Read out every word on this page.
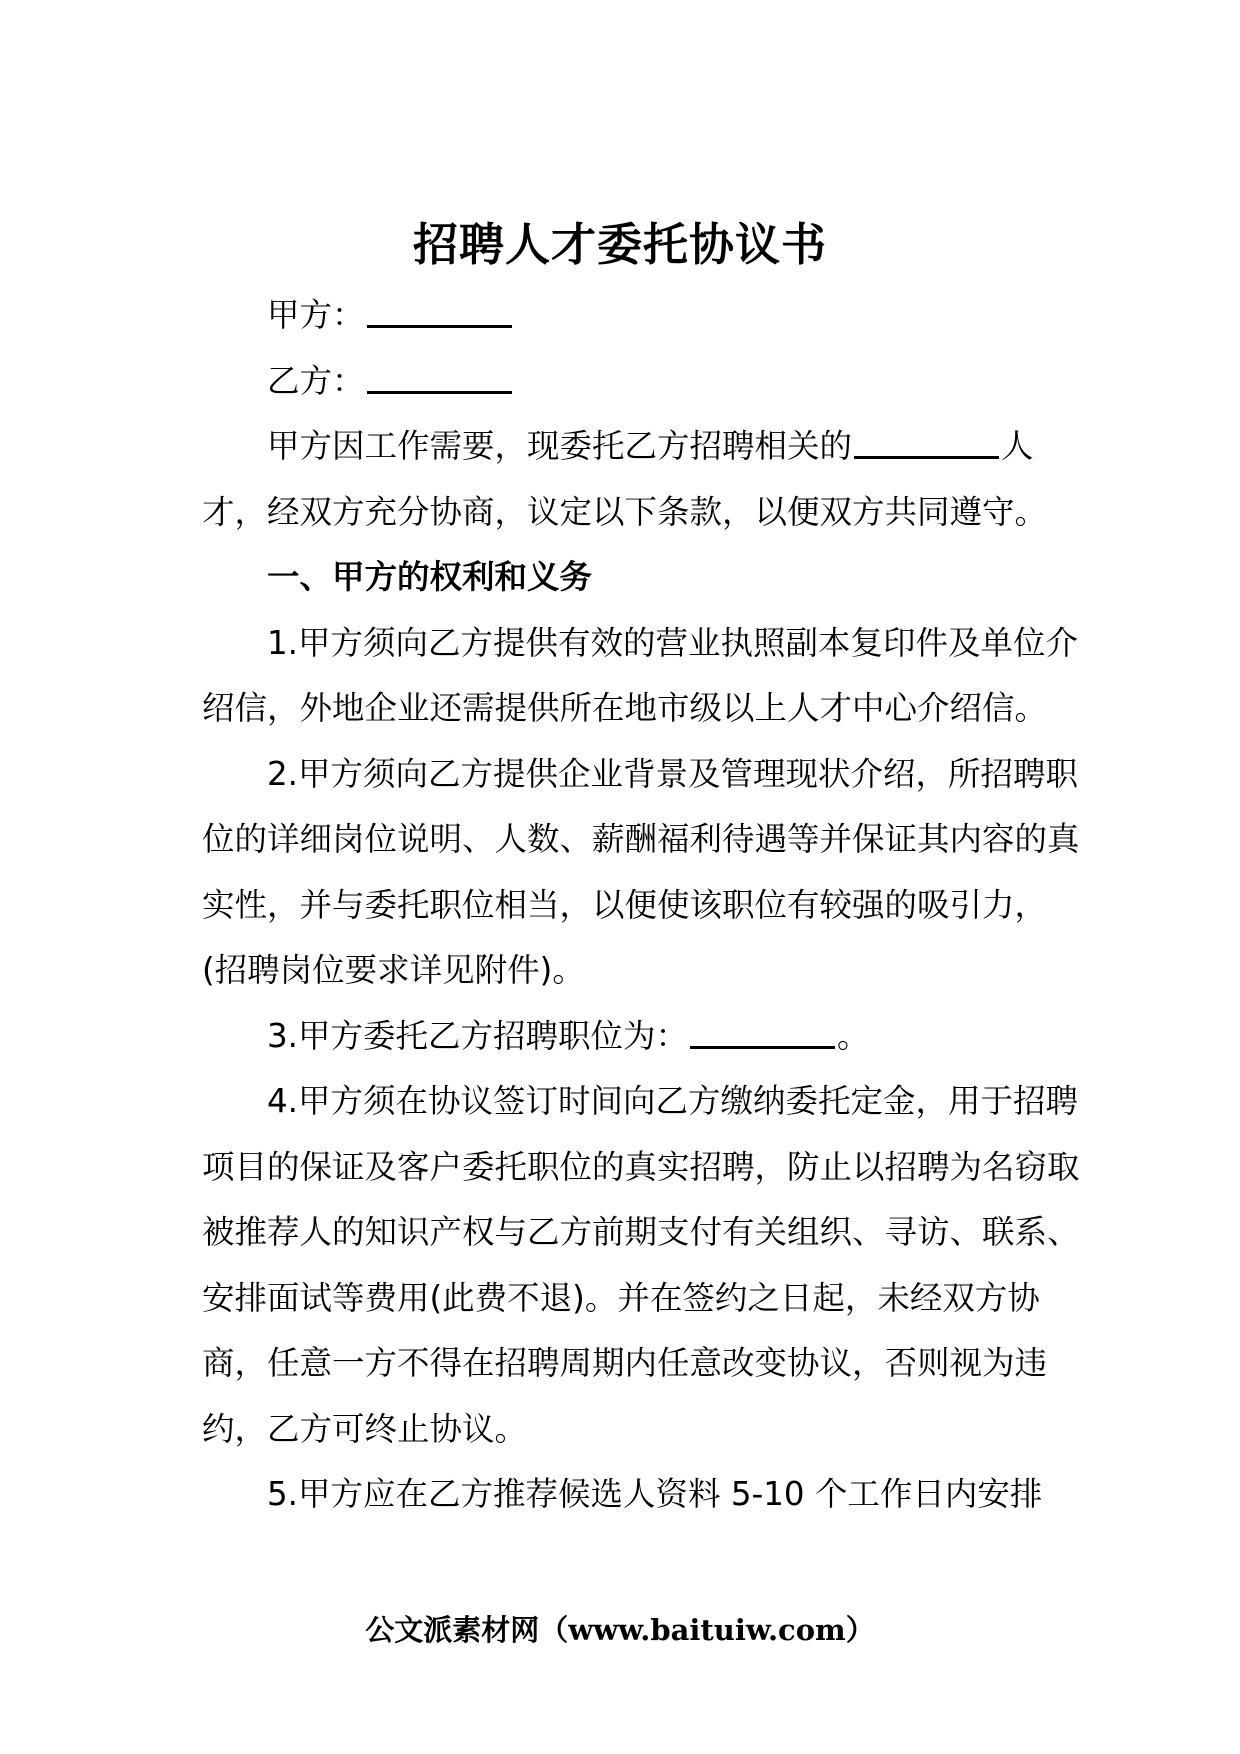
招聘人才委托协议书

甲方：

乙方：

甲方因工作需要，现委托乙方招聘相关的	人才，经双方充分协商，议定以下条款，以便双方共同遵守。

一、甲方的权利和义务

1.甲方须向乙方提供有效的营业执照副本复印件及单位介绍信，外地企业还需提供所在地市级以上人才中心介绍信。

2.甲方须向乙方提供企业背景及管理现状介绍，所招聘职位的详细岗位说明、人数、薪酬福利待遇等并保证其内容的真实性，并与委托职位相当，以便使该职位有较强的吸引力，(招聘岗位要求详见附件)。

3.甲方委托乙方招聘职位为：	。

4.甲方须在协议签订时间向乙方缴纳委托定金，用于招聘项目的保证及客户委托职位的真实招聘，防止以招聘为名窃取被推荐人的知识产权与乙方前期支付有关组织、寻访、联系、安排面试等费用(此费不退)。并在签约之日起，未经双方协商，任意一方不得在招聘周期内任意改变协议，否则视为违约，乙方可终止协议。

5.甲方应在乙方推荐候选人资料 5-10 个工作日内安排

公文派素材网（www.baituiw.com）
